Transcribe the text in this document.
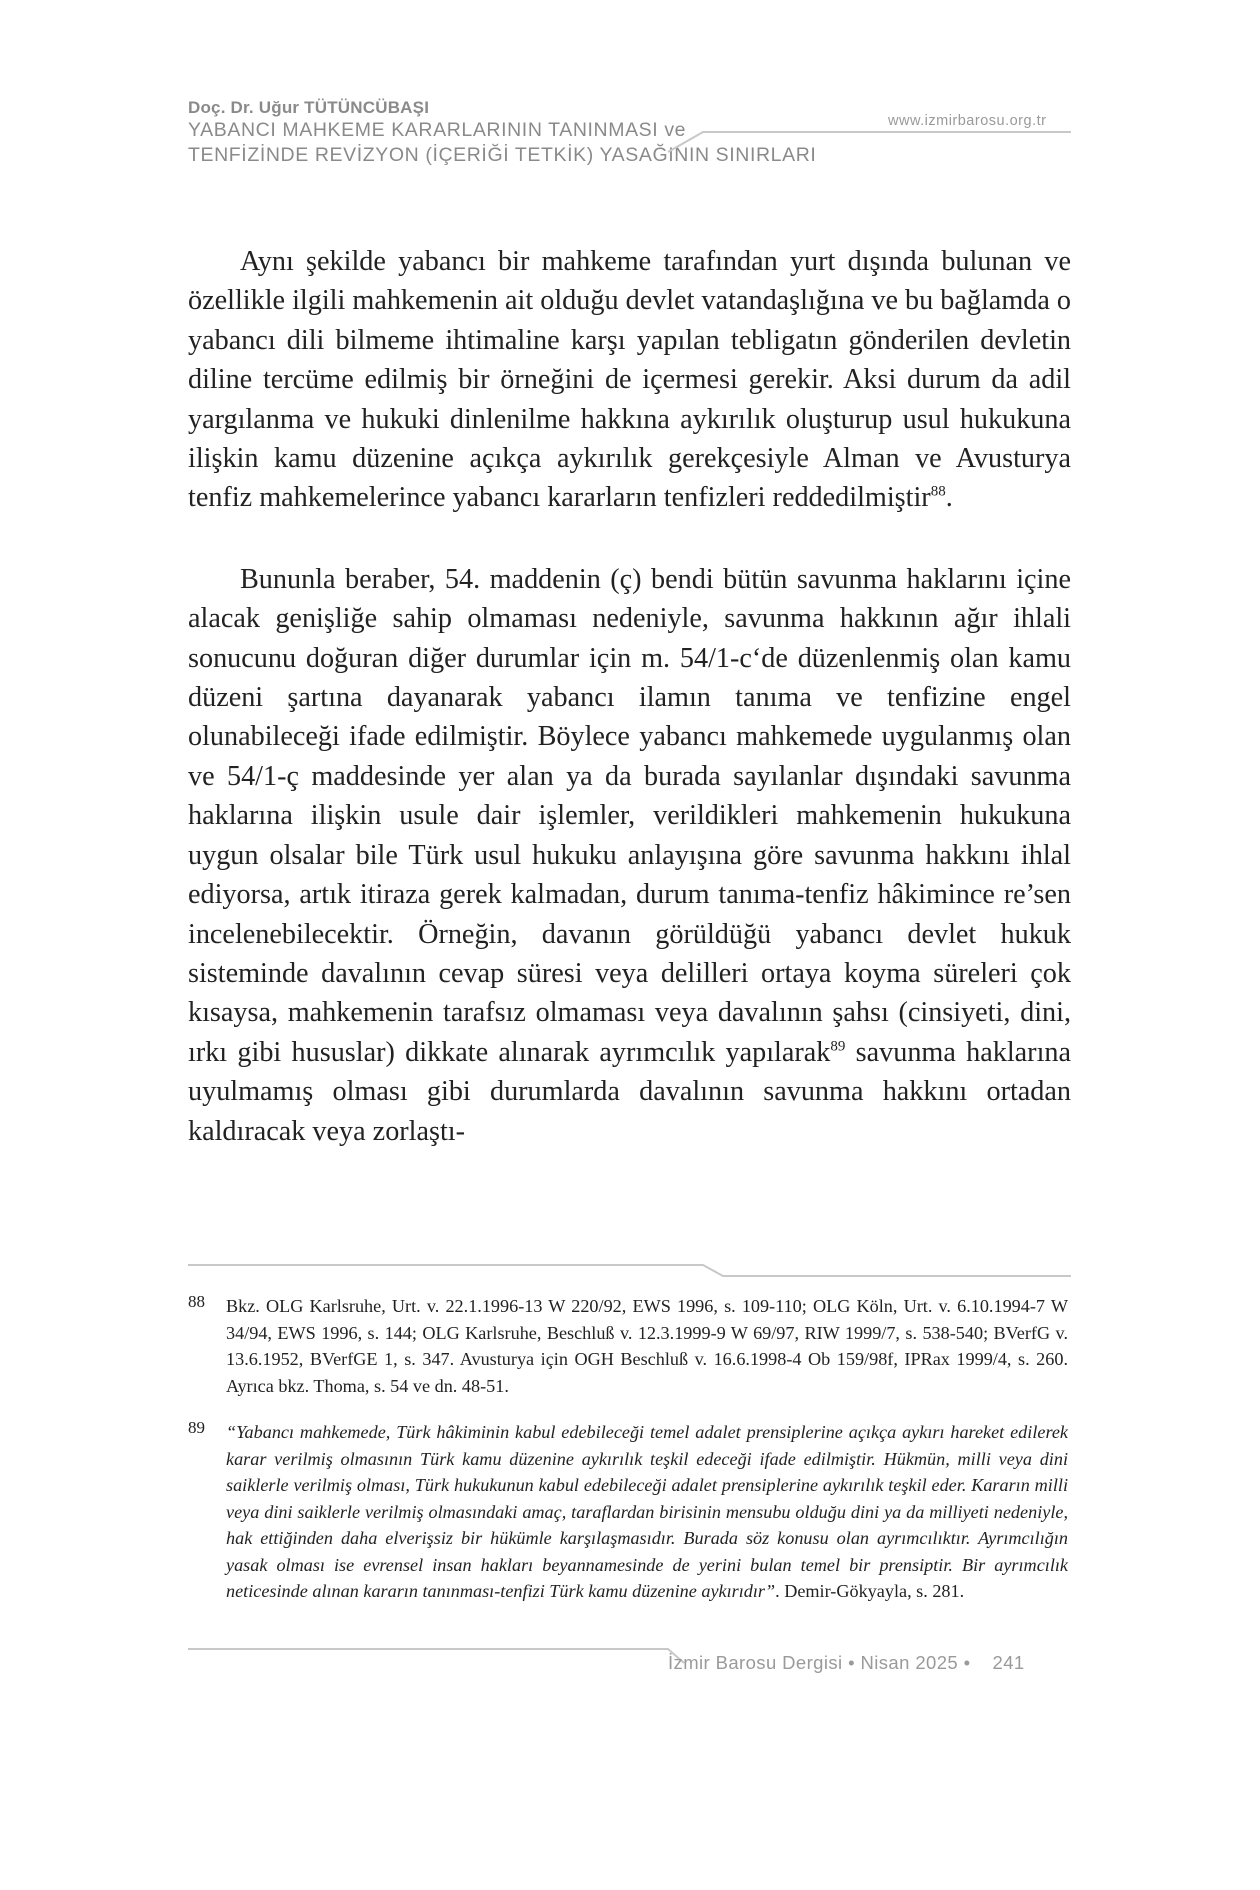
Doç. Dr. Uğur TÜTÜNCÜBAŞI
YABANCI MAHKEME KARARLARININ TANINMASI ve
TENFİZİNDE REVİZYON (İÇERİĞİ TETKİK) YASAĞININ SINIRLARI
www.izmirbarosu.org.tr

Aynı şekilde yabancı bir mahkeme tarafından yurt dışında bulunan ve özellikle ilgili mahkemenin ait olduğu devlet vatandaşlığına ve bu bağlamda o yabancı dili bilmeme ihtimaline karşı yapılan tebligatın gönderilen devletin diline tercüme edilmiş bir örneğini de içermesi gerekir. Aksi durum da adil yargılanma ve hukuki dinlenilme hakkına aykırılık oluşturup usul hukukuna ilişkin kamu düzenine açıkça aykırılık gerekçesiyle Alman ve Avusturya tenfiz mahkemelerince yabancı kararların tenfizleri reddedilmiştir$^{88}$.

Bununla beraber, 54. maddenin (ç) bendi bütün savunma haklarını içine alacak genişliğe sahip olmaması nedeniyle, savunma hakkının ağır ihlali sonucunu doğuran diğer durumlar için m. 54/1-c‘de düzenlenmiş olan kamu düzeni şartına dayanarak yabancı ilamın tanıma ve tenfizine engel olunabileceği ifade edilmiştir. Böylece yabancı mahkemede uygulanmış olan ve 54/1-ç maddesinde yer alan ya da burada sayılanlar dışındaki savunma haklarına ilişkin usule dair işlemler, verildikleri mahkemenin hukukuna uygun olsalar bile Türk usul hukuku anlayışına göre savunma hakkını ihlal ediyorsa, artık itiraza gerek kalmadan, durum tanıma-tenfiz hâkimince re’sen incelenebilecektir. Örneğin, davanın görüldüğü yabancı devlet hukuk sisteminde davalının cevap süresi veya delilleri ortaya koyma süreleri çok kısaysa, mahkemenin tarafsız olmaması veya davalının şahsı (cinsiyeti, dini, ırkı gibi hususlar) dikkate alınarak ayrımcılık yapılarak$^{89}$ savunma haklarına uyulmamış olması gibi durumlarda davalının savunma hakkını ortadan kaldıracak veya zorlaştı-

88 Bkz. OLG Karlsruhe, Urt. v. 22.1.1996-13 W 220/92, EWS 1996, s. 109-110; OLG Köln, Urt. v. 6.10.1994-7 W 34/94, EWS 1996, s. 144; OLG Karlsruhe, Beschluß v. 12.3.1999-9 W 69/97, RIW 1999/7, s. 538-540; BVerfG v. 13.6.1952, BVerfGE 1, s. 347. Avusturya için OGH Beschluß v. 16.6.1998-4 Ob 159/98f, IPRax 1999/4, s. 260. Ayrıca bkz. Thoma, s. 54 ve dn. 48-51.
89 “Yabancı mahkemede, Türk hâkiminin kabul edebileceği temel adalet prensiplerine açıkça aykırı hareket edilerek karar verilmiş olmasının Türk kamu düzenine aykırılık teşkil edeceği ifade edilmiştir. Hükmün, milli veya dini saiklerle verilmiş olması, Türk hukukunun kabul edebileceği adalet prensiplerine aykırılık teşkil eder. Kararın milli veya dini saiklerle verilmiş olmasındaki amaç, taraflardan birisinin mensubu olduğu dini ya da milliyeti nedeniyle, hak ettiğinden daha elverişsiz bir hükümle karşılaşmasıdır. Burada söz konusu olan ayrımcılıktır. Ayrımcılığın yasak olması ise evrensel insan hakları beyannamesinde de yerini bulan temel bir prensiptir. Bir ayrımcılık neticesinde alınan kararın tanınması-tenfizi Türk kamu düzenine aykırıdır”. Demir-Gökyayla, s. 281.
İzmir Barosu Dergisi • Nisan 2025 • 241
